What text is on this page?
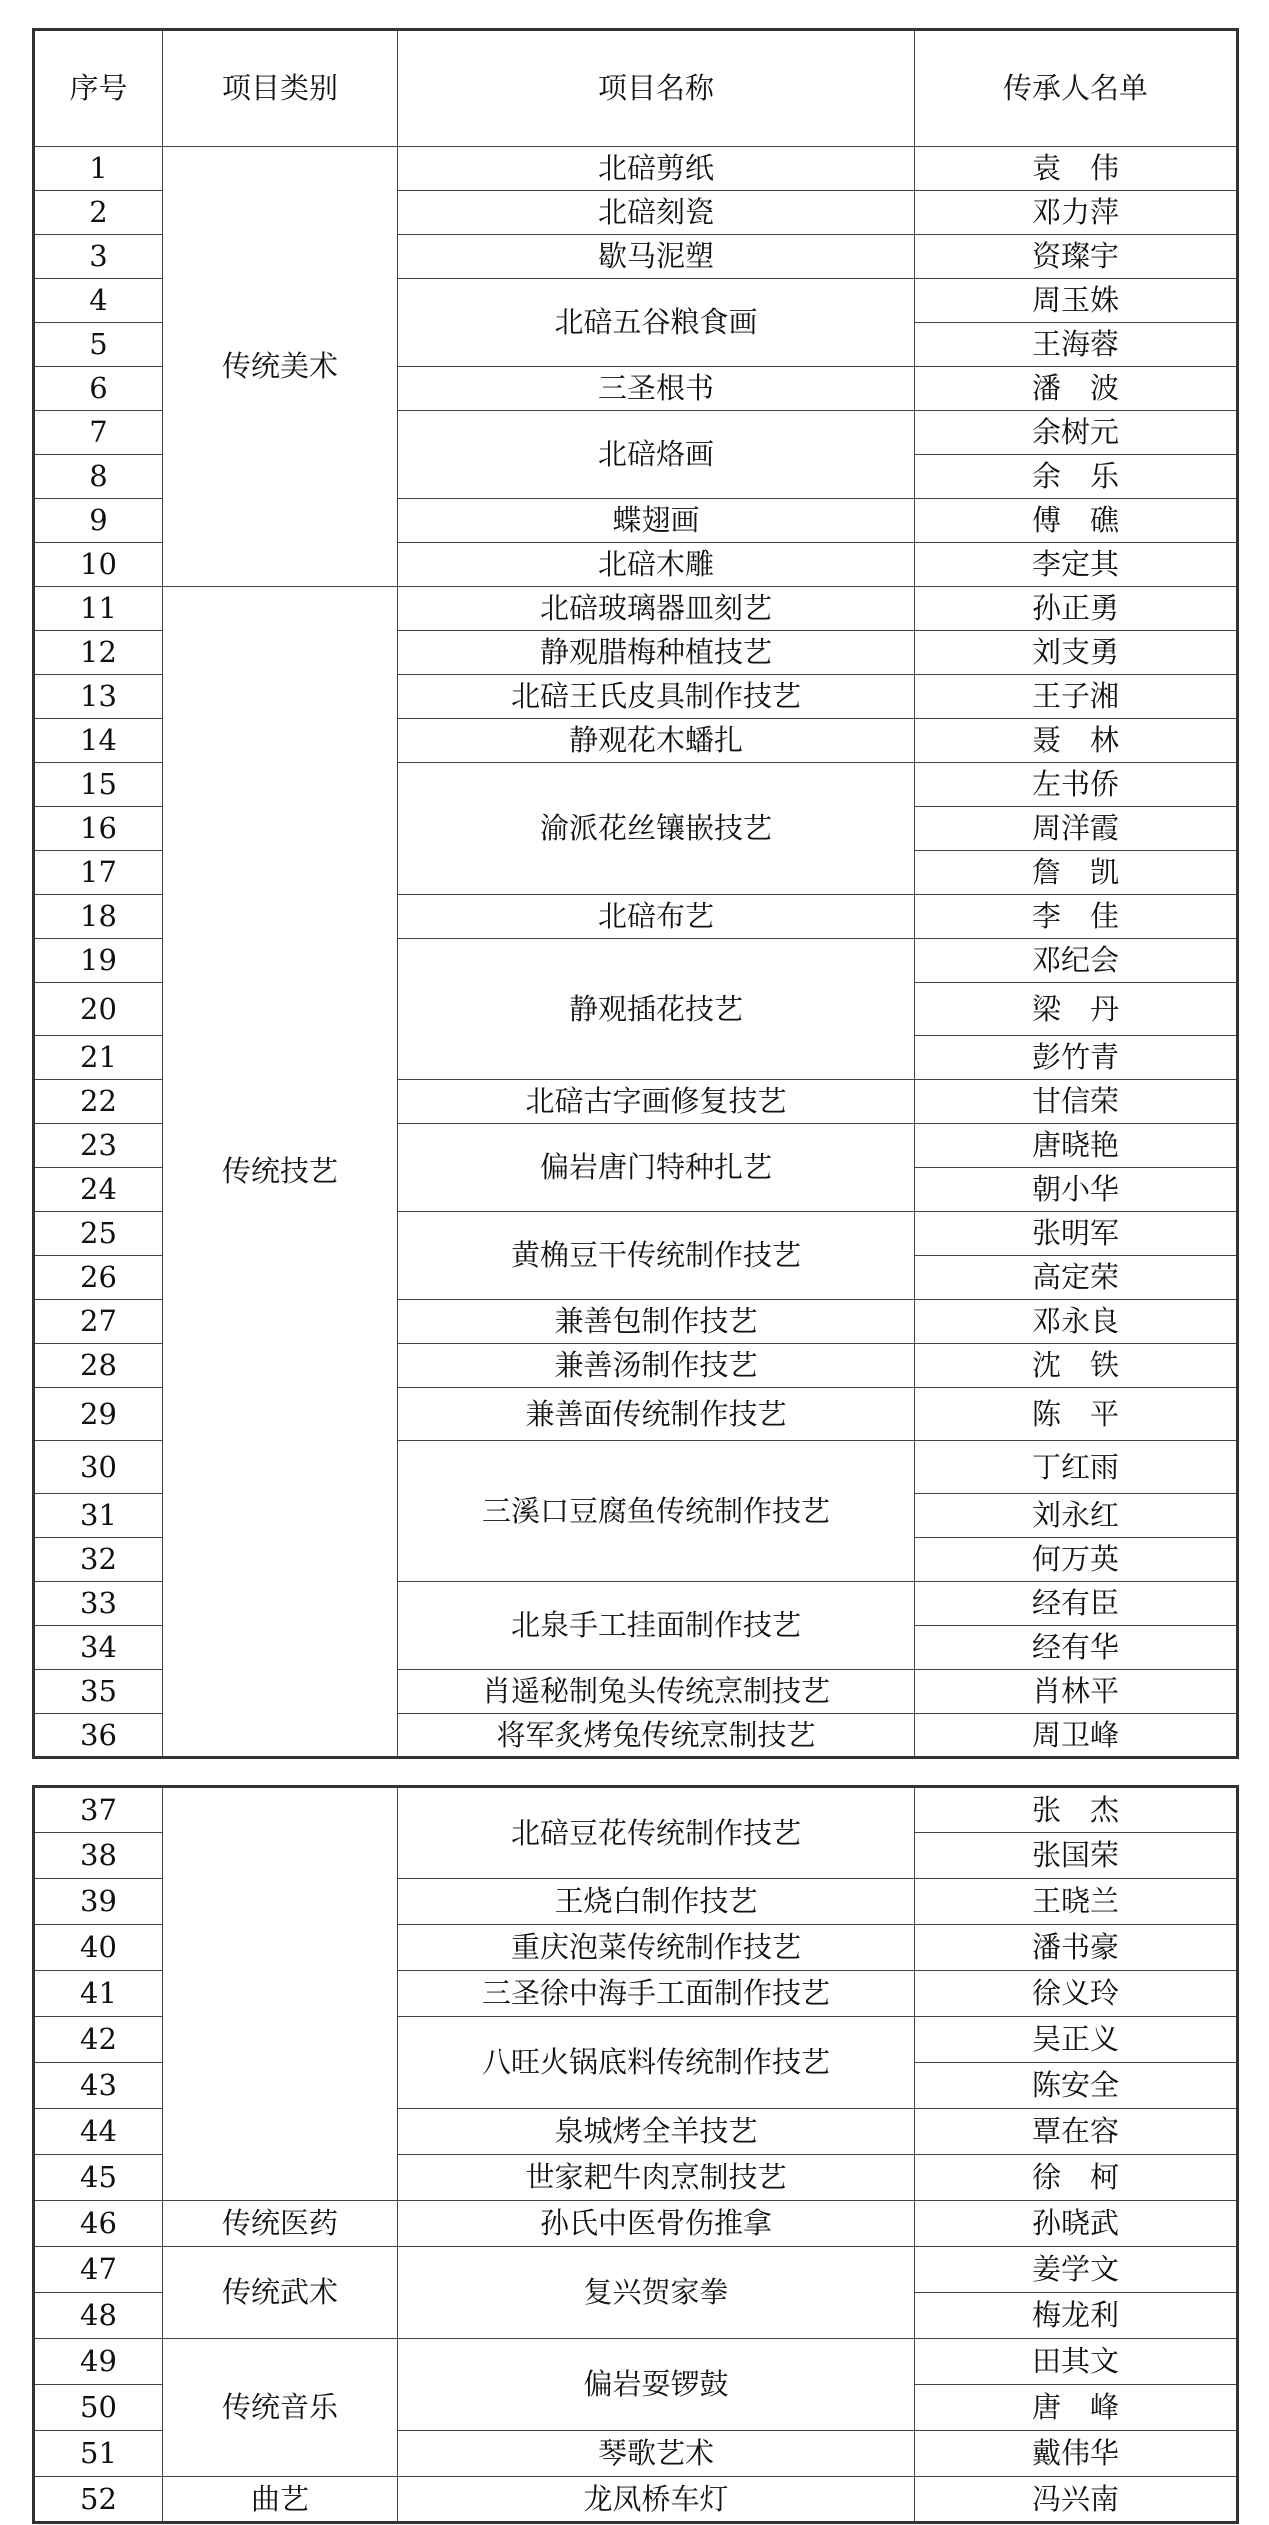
序号	项目类别	项目名称	传承人名单
1	传统美术	北碚剪纸	袁　伟
2		北碚刻瓷	邓力萍
3		歇马泥塑	资璨宇
4		北碚五谷粮食画	周玉姝
5			王海蓉
6		三圣根书	潘　波
7		北碚烙画	余树元
8			余　乐
9		蝶翅画	傅　礁
10		北碚木雕	李定其
11	传统技艺	北碚玻璃器皿刻艺	孙正勇
12		静观腊梅种植技艺	刘支勇
13		北碚王氏皮具制作技艺	王子湘
14		静观花木蟠扎	聂　林
15		渝派花丝镶嵌技艺	左书侨
16			周洋霞
17			詹　凯
18		北碚布艺	李　佳
19		静观插花技艺	邓纪会
20			梁　丹
21			彭竹青
22		北碚古字画修复技艺	甘信荣
23		偏岩唐门特种扎艺	唐晓艳
24			朝小华
25		黄桷豆干传统制作技艺	张明军
26			高定荣
27		兼善包制作技艺	邓永良
28		兼善汤制作技艺	沈　铁
29		兼善面传统制作技艺	陈　平
30		三溪口豆腐鱼传统制作技艺	丁红雨
31			刘永红
32			何万英
33		北泉手工挂面制作技艺	经有臣
34			经有华
35		肖遥秘制兔头传统烹制技艺	肖林平
36		将军炙烤兔传统烹制技艺	周卫峰
37		北碚豆花传统制作技艺	张　杰
38			张国荣
39		王烧白制作技艺	王晓兰
40		重庆泡菜传统制作技艺	潘书豪
41		三圣徐中海手工面制作技艺	徐义玲
42		八旺火锅底料传统制作技艺	吴正义
43			陈安全
44		泉城烤全羊技艺	覃在容
45		世家耙牛肉烹制技艺	徐　柯
46	传统医药	孙氏中医骨伤推拿	孙晓武
47	传统武术	复兴贺家拳	姜学文
48			梅龙利
49	传统音乐	偏岩耍锣鼓	田其文
50			唐　峰
51		琴歌艺术	戴伟华
52	曲艺	龙凤桥车灯	冯兴南
